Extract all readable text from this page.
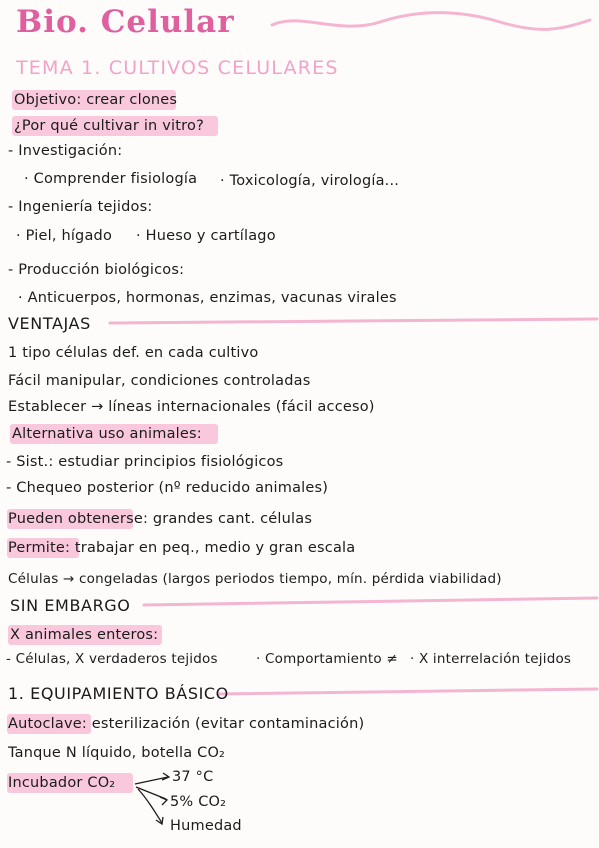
Bio. Celular
TEMA 1. CULTIVOS CELULARES
Objetivo: crear clones
¿Por qué cultivar in vitro?
- Investigación:
· Comprender fisiología · Toxicología, virología...
- Ingeniería tejidos:
· Piel, hígado · Hueso y cartílago
- Producción biológicos:
· Anticuerpos, hormonas, enzimas, vacunas virales
VENTAJAS
1 tipo células def. en cada cultivo
Fácil manipular, condiciones controladas
Establecer → líneas internacionales (fácil acceso)
Alternativa uso animales:
- Sist.: estudiar principios fisiológicos
- Chequeo posterior (nº reducido animales)
Pueden obtenerse: grandes cant. células
Permite: trabajar en peq., medio y gran escala
Células → congeladas (largos periodos tiempo, mín. pérdida viabilidad)
SIN EMBARGO
X animales enteros:
- Células, X verdaderos tejidos	· Comportamiento ≠ · X interrelación tejidos
1. EQUIPAMIENTO BÁSICO
Autoclave: esterilización (evitar contaminación)
Tanque N líquido, botella CO₂
Incubador CO₂	37 °C
5% CO₂
Humedad
